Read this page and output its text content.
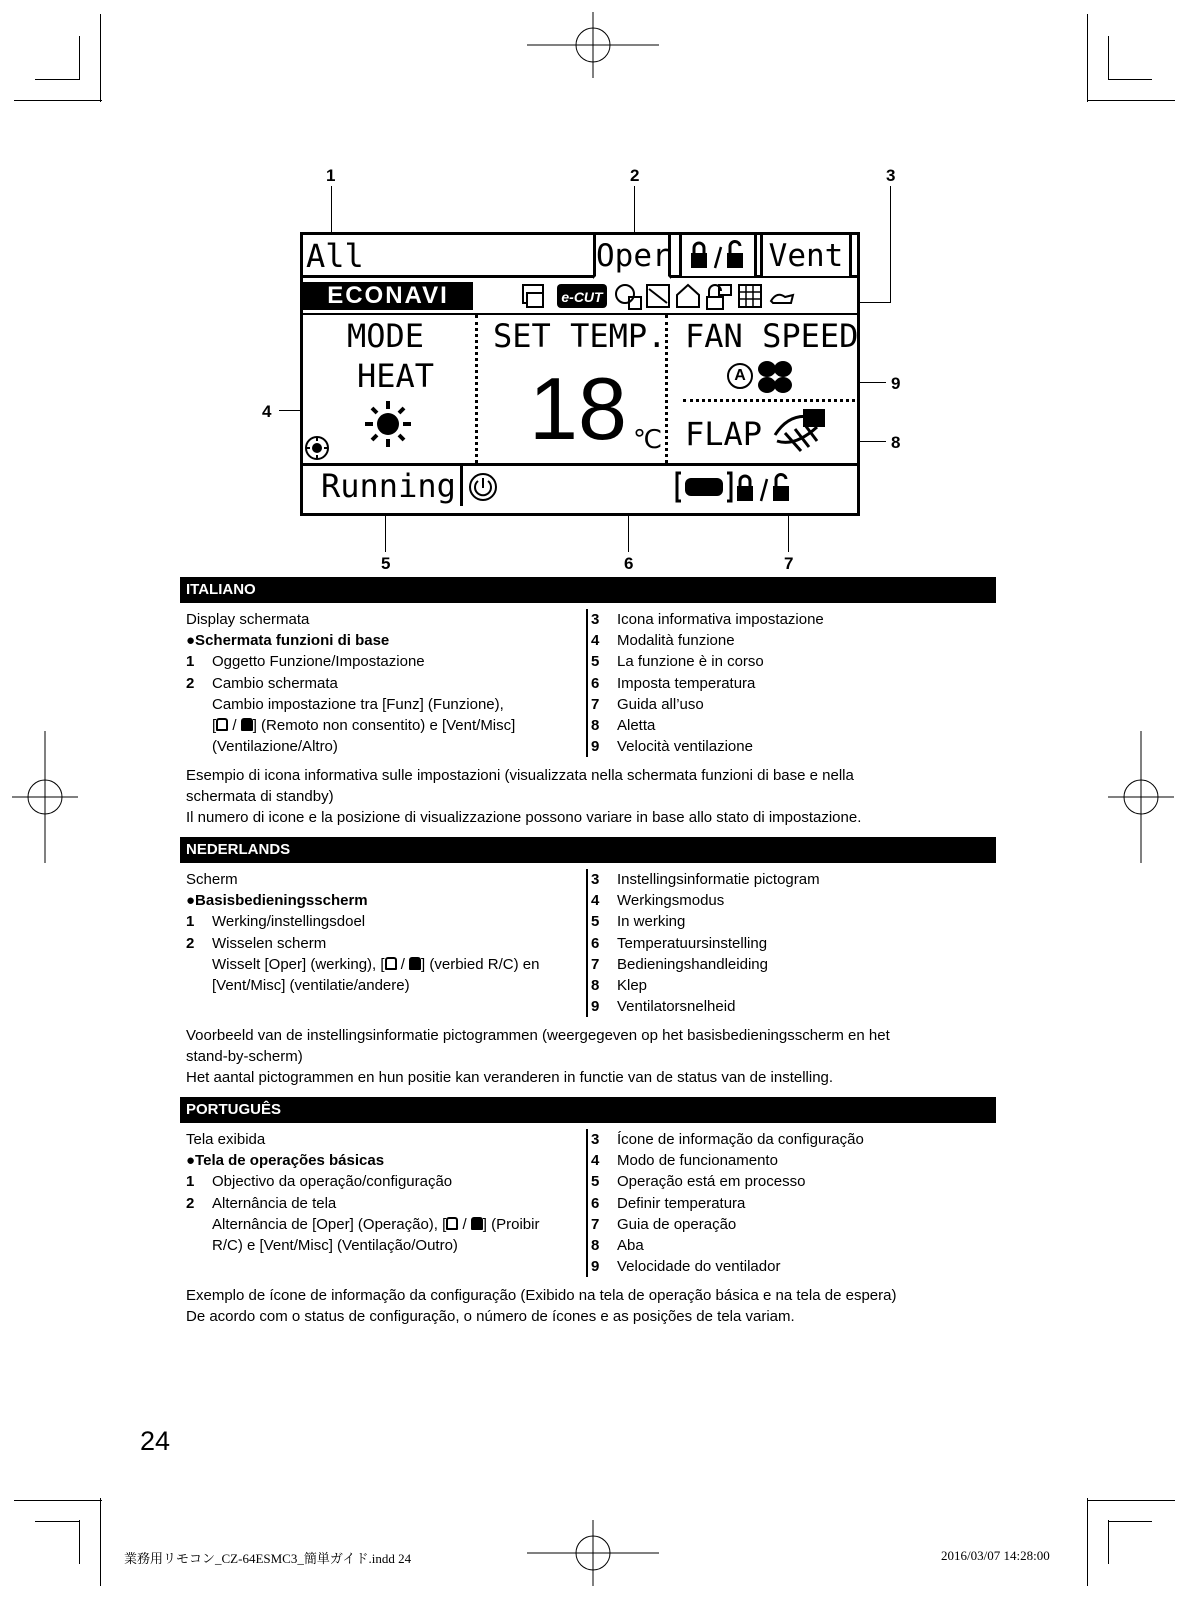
1	2	3
4
5	6	7
8
9
All	Oper	Vent
ECONAVI	e-CUT
MODE
HEAT
SET TEMP.
18 ℃
FAN SPEED
A
FLAP
Running
ITALIANO
Display schermata
●Schermata funzioni di base
1	Oggetto Funzione/Impostazione
2	Cambio schermata
Cambio impostazione tra [Funz] (Funzione),
[ / ] (Remoto non consentito) e [Vent/Misc]
(Ventilazione/Altro)
3	Icona informativa impostazione
4	Modalità funzione
5	La funzione è in corso
6	Imposta temperatura
7	Guida all’uso
8	Aletta
9	Velocità ventilazione
Esempio di icona informativa sulle impostazioni (visualizzata nella schermata funzioni di base e nella
schermata di standby)
Il numero di icone e la posizione di visualizzazione possono variare in base allo stato di impostazione.
NEDERLANDS
Scherm
●Basisbedieningsscherm
1	Werking/instellingsdoel
2	Wisselen scherm
Wisselt [Oper] (werking), [ / ] (verbied R/C) en
[Vent/Misc] (ventilatie/andere)
3	Instellingsinformatie pictogram
4	Werkingsmodus
5	In werking
6	Temperatuursinstelling
7	Bedieningshandleiding
8	Klep
9	Ventilatorsnelheid
Voorbeeld van de instellingsinformatie pictogrammen (weergegeven op het basisbedieningsscherm en het
stand-by-scherm)
Het aantal pictogrammen en hun positie kan veranderen in functie van de status van de instelling.
PORTUGUÊS
Tela exibida
●Tela de operações básicas
1	Objectivo da operação/configuração
2	Alternância de tela
Alternância de [Oper] (Operação), [ / ] (Proibir
R/C) e [Vent/Misc] (Ventilação/Outro)
3	Ícone de informação da configuração
4	Modo de funcionamento
5	Operação está em processo
6	Definir temperatura
7	Guia de operação
8	Aba
9	Velocidade do ventilador
Exemplo de ícone de informação da configuração (Exibido na tela de operação básica e na tela de espera)
De acordo com o status de configuração, o número de ícones e as posições de tela variam.
24
業務用リモコン_CZ-64ESMC3_簡単ガイド.indd 24	2016/03/07 14:28:00
